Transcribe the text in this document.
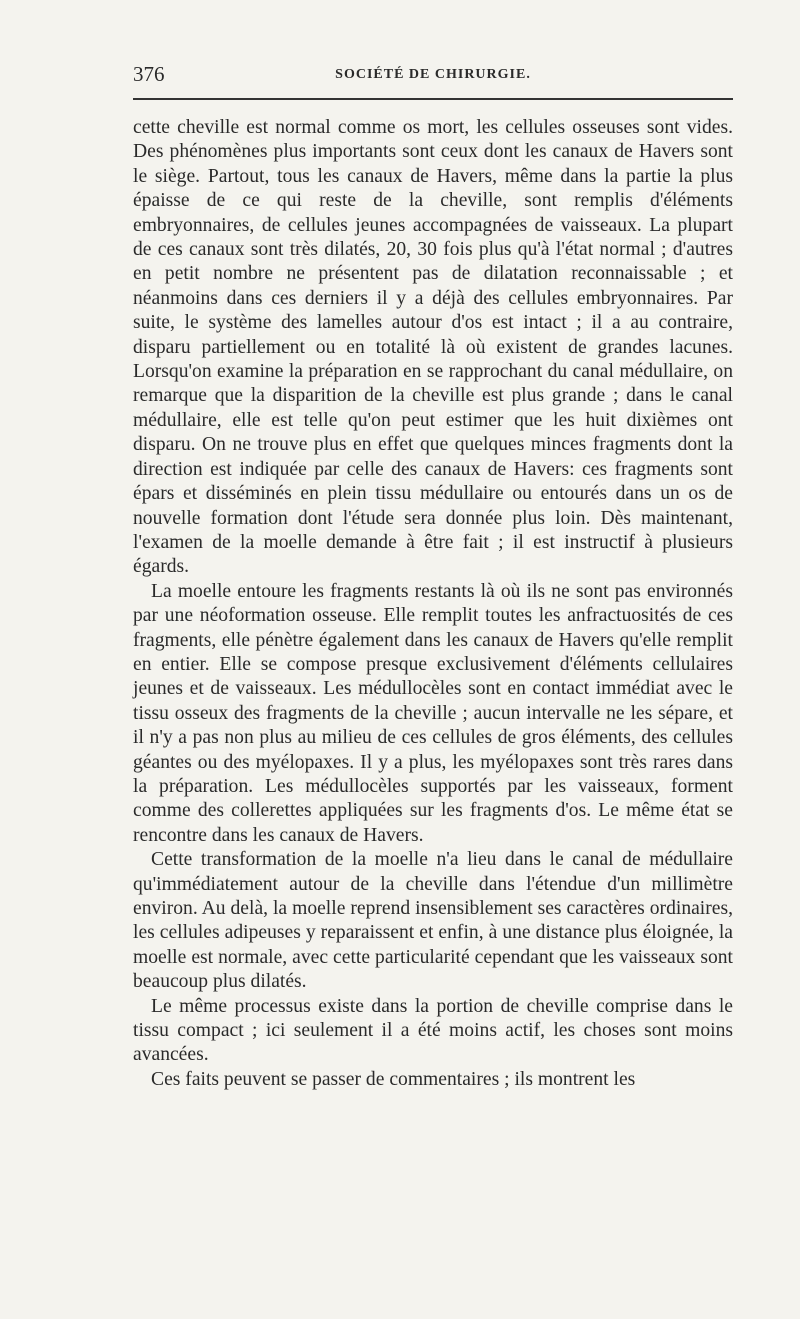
376	SOCIÉTÉ DE CHIRURGIE.

cette cheville est normal comme os mort, les cellules osseuses sont vides. Des phénomènes plus importants sont ceux dont les canaux de Havers sont le siège. Partout, tous les canaux de Havers, même dans la partie la plus épaisse de ce qui reste de la cheville, sont remplis d'éléments embryonnaires, de cellules jeunes accompagnées de vaisseaux. La plupart de ces canaux sont très dilatés, 20, 30 fois plus qu'à l'état normal ; d'autres en petit nombre ne présentent pas de dilatation reconnaissable ; et néanmoins dans ces derniers il y a déjà des cellules embryonnaires. Par suite, le système des lamelles autour d'os est intact ; il a au contraire, disparu partiellement ou en totalité là où existent de grandes lacunes. Lorsqu'on examine la préparation en se rapprochant du canal médullaire, on remarque que la disparition de la cheville est plus grande ; dans le canal médullaire, elle est telle qu'on peut estimer que les huit dixièmes ont disparu. On ne trouve plus en effet que quelques minces fragments dont la direction est indiquée par celle des canaux de Havers: ces fragments sont épars et disséminés en plein tissu médullaire ou entourés dans un os de nouvelle formation dont l'étude sera donnée plus loin. Dès maintenant, l'examen de la moelle demande à être fait ; il est instructif à plusieurs égards.

La moelle entoure les fragments restants là où ils ne sont pas environnés par une néoformation osseuse. Elle remplit toutes les anfractuosités de ces fragments, elle pénètre également dans les canaux de Havers qu'elle remplit en entier. Elle se compose presque exclusivement d'éléments cellulaires jeunes et de vaisseaux. Les médullocèles sont en contact immédiat avec le tissu osseux des fragments de la cheville ; aucun intervalle ne les sépare, et il n'y a pas non plus au milieu de ces cellules de gros éléments, des cellules géantes ou des myélopaxes. Il y a plus, les myélopaxes sont très rares dans la préparation. Les médullocèles supportés par les vaisseaux, forment comme des collerettes appliquées sur les fragments d'os. Le même état se rencontre dans les canaux de Havers.

Cette transformation de la moelle n'a lieu dans le canal de médullaire qu'immédiatement autour de la cheville dans l'étendue d'un millimètre environ. Au delà, la moelle reprend insensiblement ses caractères ordinaires, les cellules adipeuses y reparaissent et enfin, à une distance plus éloignée, la moelle est normale, avec cette particularité cependant que les vaisseaux sont beaucoup plus dilatés.

Le même processus existe dans la portion de cheville comprise dans le tissu compact ; ici seulement il a été moins actif, les choses sont moins avancées.

Ces faits peuvent se passer de commentaires ; ils montrent les
